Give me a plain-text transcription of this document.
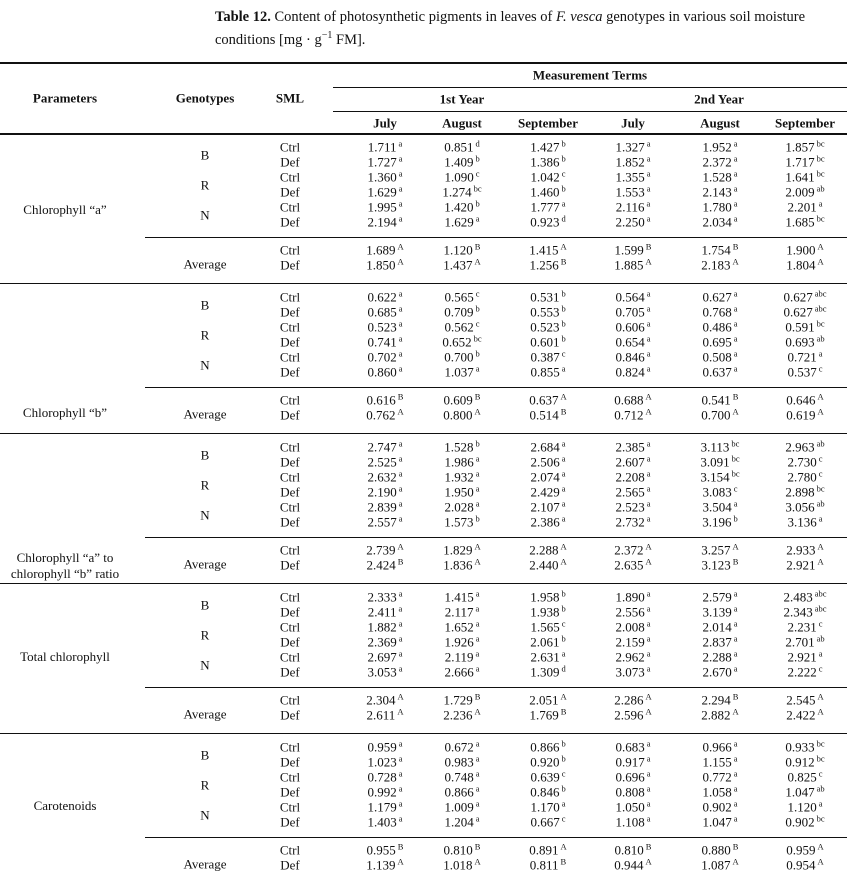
Table 12. Content of photosynthetic pigments in leaves of F. vesca genotypes in various soil moisture conditions [$mg \cdot g^{-1}$ FM].
Parameters	Genotypes	SML
Measurement Terms
1st Year	2nd Year
July	August	September	July	August	September
Chlorophyll “a”
B
Ctrl	1.711 $^a$	0.851 $^d$	1.427 $^b$	1.327 $^a$	1.952 $^a$	1.857 $^{bc}$
Def	1.727 $^a$	1.409 $^b$	1.386 $^b$	1.852 $^a$	2.372 $^a$	1.717 $^{bc}$
R
Ctrl	1.360 $^a$	1.090 $^c$	1.042 $^c$	1.355 $^a$	1.528 $^a$	1.641 $^{bc}$
Def	1.629 $^a$	1.274 $^{bc}$	1.460 $^b$	1.553 $^a$	2.143 $^a$	2.009 $^{ab}$
N
Ctrl	1.995 $^a$	1.420 $^b$	1.777 $^a$	2.116 $^a$	1.780 $^a$	2.201 $^a$
Def	2.194 $^a$	1.629 $^a$	0.923 $^d$	2.250 $^a$	2.034 $^a$	1.685 $^{bc}$
Average
Ctrl	1.689 $^A$	1.120 $^B$	1.415 $^A$	1.599 $^B$	1.754 $^B$	1.900 $^A$
Def	1.850 $^A$	1.437 $^A$	1.256 $^B$	1.885 $^A$	2.183 $^A$	1.804 $^A$
Chlorophyll “b”
B
Ctrl	0.622 $^a$	0.565 $^c$	0.531 $^b$	0.564 $^a$	0.627 $^a$	0.627 $^{abc}$
Def	0.685 $^a$	0.709 $^b$	0.553 $^b$	0.705 $^a$	0.768 $^a$	0.627 $^{abc}$
R
Ctrl	0.523 $^a$	0.562 $^c$	0.523 $^b$	0.606 $^a$	0.486 $^a$	0.591 $^{bc}$
Def	0.741 $^a$	0.652 $^{bc}$	0.601 $^b$	0.654 $^a$	0.695 $^a$	0.693 $^{ab}$
N
Ctrl	0.702 $^a$	0.700 $^b$	0.387 $^c$	0.846 $^a$	0.508 $^a$	0.721 $^a$
Def	0.860 $^a$	1.037 $^a$	0.855 $^a$	0.824 $^a$	0.637 $^a$	0.537 $^c$
Average
Ctrl	0.616 $^B$	0.609 $^B$	0.637 $^A$	0.688 $^A$	0.541 $^B$	0.646 $^A$
Def	0.762 $^A$	0.800 $^A$	0.514 $^B$	0.712 $^A$	0.700 $^A$	0.619 $^A$
Chlorophyll “a” to
chlorophyll “b” ratio
B
Ctrl	2.747 $^a$	1.528 $^b$	2.684 $^a$	2.385 $^a$	3.113 $^{bc}$	2.963 $^{ab}$
Def	2.525 $^a$	1.986 $^a$	2.506 $^a$	2.607 $^a$	3.091 $^{bc}$	2.730 $^c$
R
Ctrl	2.632 $^a$	1.932 $^a$	2.074 $^a$	2.208 $^a$	3.154 $^{bc}$	2.780 $^c$
Def	2.190 $^a$	1.950 $^a$	2.429 $^a$	2.565 $^a$	3.083 $^c$	2.898 $^{bc}$
N
Ctrl	2.839 $^a$	2.028 $^a$	2.107 $^a$	2.523 $^a$	3.504 $^a$	3.056 $^{ab}$
Def	2.557 $^a$	1.573 $^b$	2.386 $^a$	2.732 $^a$	3.196 $^b$	3.136 $^a$
Average
Ctrl	2.739 $^A$	1.829 $^A$	2.288 $^A$	2.372 $^A$	3.257 $^A$	2.933 $^A$
Def	2.424 $^B$	1.836 $^A$	2.440 $^A$	2.635 $^A$	3.123 $^B$	2.921 $^A$
Total chlorophyll
B
Ctrl	2.333 $^a$	1.415 $^a$	1.958 $^b$	1.890 $^a$	2.579 $^a$	2.483 $^{abc}$
Def	2.411 $^a$	2.117 $^a$	1.938 $^b$	2.556 $^a$	3.139 $^a$	2.343 $^{abc}$
R
Ctrl	1.882 $^a$	1.652 $^a$	1.565 $^c$	2.008 $^a$	2.014 $^a$	2.231 $^c$
Def	2.369 $^a$	1.926 $^a$	2.061 $^b$	2.159 $^a$	2.837 $^a$	2.701 $^{ab}$
N
Ctrl	2.697 $^a$	2.119 $^a$	2.631 $^a$	2.962 $^a$	2.288 $^a$	2.921 $^a$
Def	3.053 $^a$	2.666 $^a$	1.309 $^d$	3.073 $^a$	2.670 $^a$	2.222 $^c$
Average
Ctrl	2.304 $^A$	1.729 $^B$	2.051 $^A$	2.286 $^A$	2.294 $^B$	2.545 $^A$
Def	2.611 $^A$	2.236 $^A$	1.769 $^B$	2.596 $^A$	2.882 $^A$	2.422 $^A$
Carotenoids
B
Ctrl	0.959 $^a$	0.672 $^a$	0.866 $^b$	0.683 $^a$	0.966 $^a$	0.933 $^{bc}$
Def	1.023 $^a$	0.983 $^a$	0.920 $^b$	0.917 $^a$	1.155 $^a$	0.912 $^{bc}$
R
Ctrl	0.728 $^a$	0.748 $^a$	0.639 $^c$	0.696 $^a$	0.772 $^a$	0.825 $^c$
Def	0.992 $^a$	0.866 $^a$	0.846 $^b$	0.808 $^a$	1.058 $^a$	1.047 $^{ab}$
N
Ctrl	1.179 $^a$	1.009 $^a$	1.170 $^a$	1.050 $^a$	0.902 $^a$	1.120 $^a$
Def	1.403 $^a$	1.204 $^a$	0.667 $^c$	1.108 $^a$	1.047 $^a$	0.902 $^{bc}$
Average
Ctrl	0.955 $^B$	0.810 $^B$	0.891 $^A$	0.810 $^B$	0.880 $^B$	0.959 $^A$
Def	1.139 $^A$	1.018 $^A$	0.811 $^B$	0.944 $^A$	1.087 $^A$	0.954 $^A$
